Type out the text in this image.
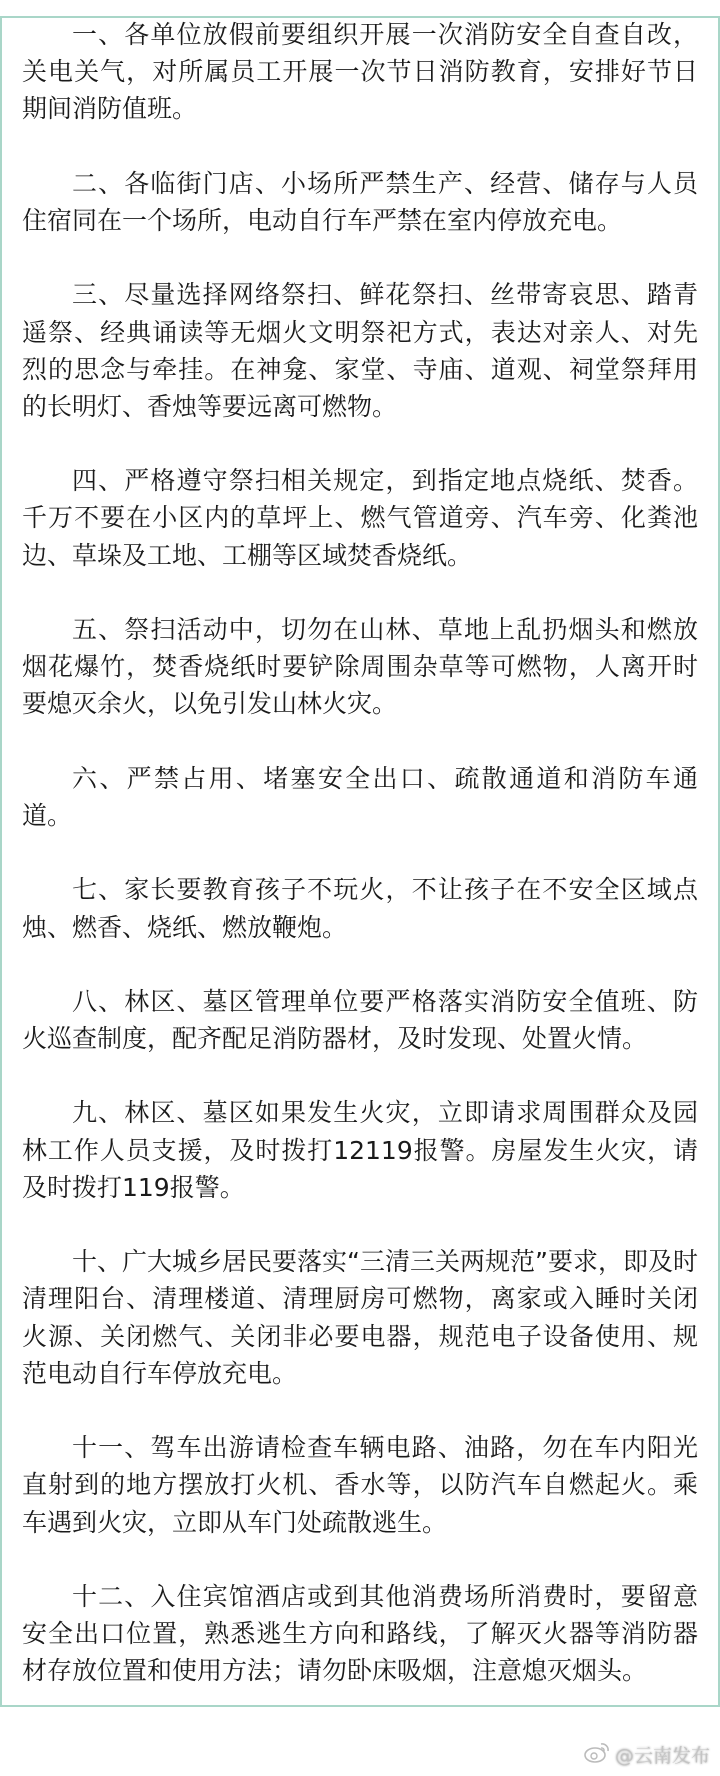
一、各单位放假前要组织开展一次消防安全自查自改，
关电关气，对所属员工开展一次节日消防教育，安排好节日
期间消防值班。
二、各临街门店、小场所严禁生产、经营、储存与人员
住宿同在一个场所，电动自行车严禁在室内停放充电。
三、尽量选择网络祭扫、鲜花祭扫、丝带寄哀思、踏青
遥祭、经典诵读等无烟火文明祭祀方式，表达对亲人、对先
烈的思念与牵挂。在神龛、家堂、寺庙、道观、祠堂祭拜用
的长明灯、香烛等要远离可燃物。
四、严格遵守祭扫相关规定，到指定地点烧纸、焚香。
千万不要在小区内的草坪上、燃气管道旁、汽车旁、化粪池
边、草垛及工地、工棚等区域焚香烧纸。
五、祭扫活动中，切勿在山林、草地上乱扔烟头和燃放
烟花爆竹，焚香烧纸时要铲除周围杂草等可燃物，人离开时
要熄灭余火，以免引发山林火灾。
六、严禁占用、堵塞安全出口、疏散通道和消防车通
道。
七、家长要教育孩子不玩火，不让孩子在不安全区域点
烛、燃香、烧纸、燃放鞭炮。
八、林区、墓区管理单位要严格落实消防安全值班、防
火巡查制度，配齐配足消防器材，及时发现、处置火情。
九、林区、墓区如果发生火灾，立即请求周围群众及园
林工作人员支援，及时拨打12119报警。房屋发生火灾，请
及时拨打119报警。
十、广大城乡居民要落实“三清三关两规范”要求，即及时
清理阳台、清理楼道、清理厨房可燃物，离家或入睡时关闭
火源、关闭燃气、关闭非必要电器，规范电子设备使用、规
范电动自行车停放充电。
十一、驾车出游请检查车辆电路、油路，勿在车内阳光
直射到的地方摆放打火机、香水等，以防汽车自燃起火。乘
车遇到火灾，立即从车门处疏散逃生。
十二、入住宾馆酒店或到其他消费场所消费时，要留意
安全出口位置，熟悉逃生方向和路线，了解灭火器等消防器
材存放位置和使用方法；请勿卧床吸烟，注意熄灭烟头。
@云南发布
